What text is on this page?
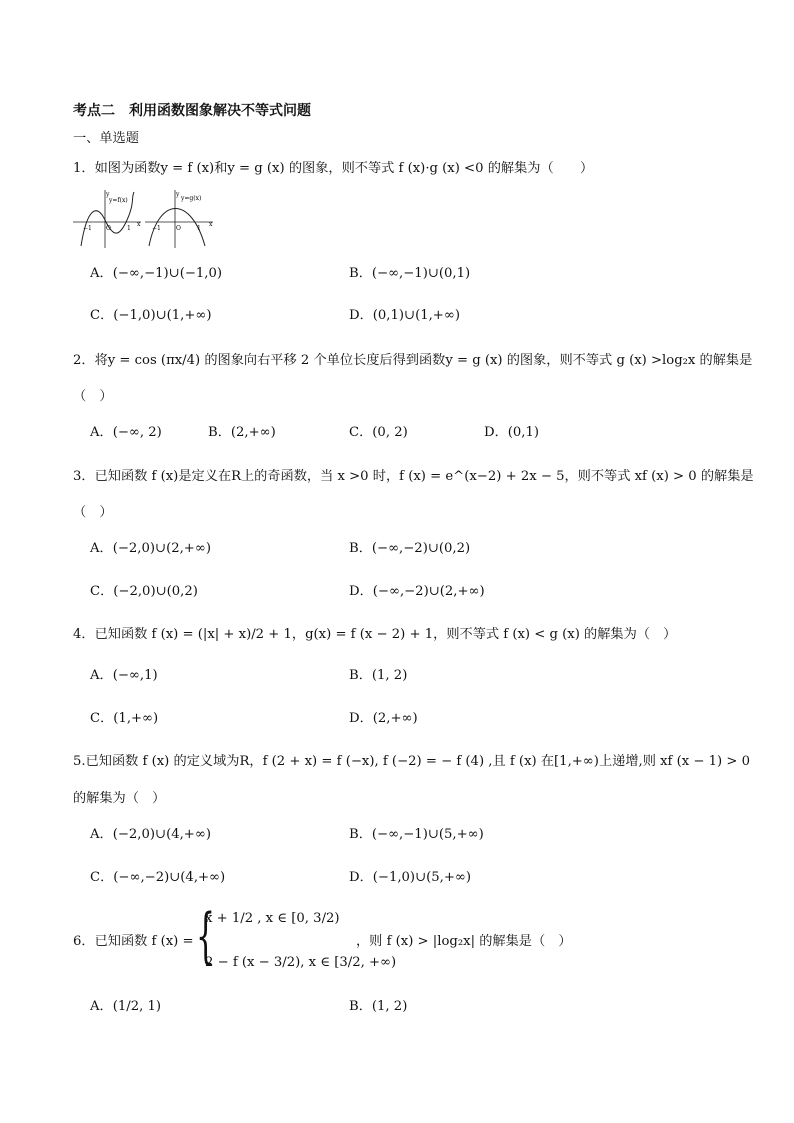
考点二　利用函数图象解决不等式问题
一、单选题
1．如图为函数y = f (x)和y = g (x) 的图象，则不等式 f (x)·g (x) <0 的解集为（　　）
y
x
O
−1	1
y=f(x)
y
x
O
−1	1
y=g(x)
A．(−∞,−1)∪(−1,0)	B．(−∞,−1)∪(0,1)
C．(−1,0)∪(1,+∞)	D．(0,1)∪(1,+∞)
2．将y = cos (πx/4) 的图象向右平移 2 个单位长度后得到函数y = g (x) 的图象，则不等式 g (x) >log₂x 的解集是
（　）
A．(−∞, 2)	B．(2,+∞)	C．(0, 2)	D．(0,1)
3．已知函数 f (x)是定义在R上的奇函数，当 x >0 时，f (x) = e^(x−2) + 2x − 5，则不等式 xf (x) > 0 的解集是
（　）
A．(−2,0)∪(2,+∞)	B．(−∞,−2)∪(0,2)
C．(−2,0)∪(0,2)	D．(−∞,−2)∪(2,+∞)
4．已知函数 f (x) = (|x| + x)/2 + 1，g(x) = f (x − 2) + 1，则不等式 f (x) < g (x) 的解集为（　）
A．(−∞,1)	B．(1, 2)
C．(1,+∞)	D．(2,+∞)
5.已知函数 f (x) 的定义域为R，f (2 + x) = f (−x), f (−2) = − f (4) ,且 f (x) 在[1,+∞)上递增,则 xf (x − 1) > 0
的解集为（　）
A．(−2,0)∪(4,+∞)	B．(−∞,−1)∪(5,+∞)
C．(−∞,−2)∪(4,+∞)	D．(−1,0)∪(5,+∞)
6．已知函数 f (x) = {
x + 1/2 , x ∈ [0, 3/2)
2 − f (x − 3/2), x ∈ [3/2, +∞)
，则 f (x) > |log₂x| 的解集是（　）
A．(1/2, 1)	B．(1, 2)
